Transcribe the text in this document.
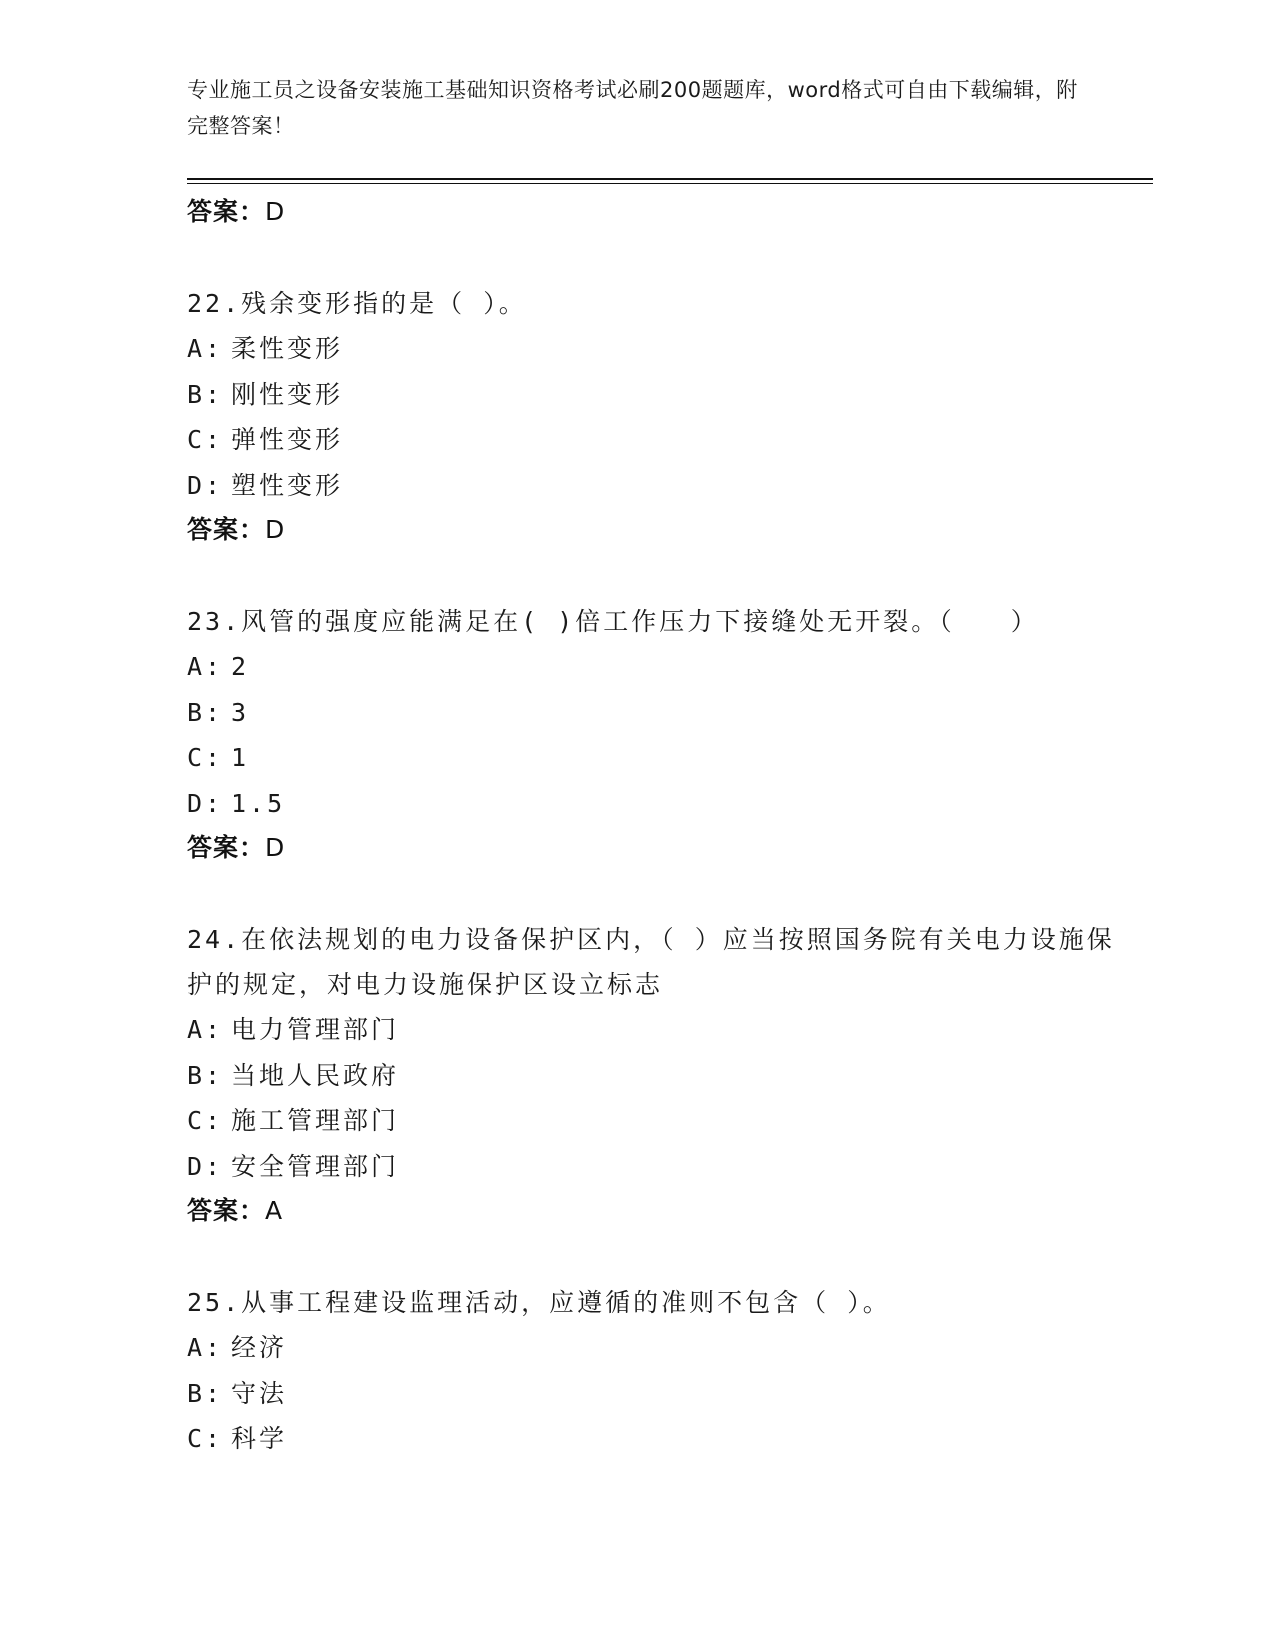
专业施工员之设备安装施工基础知识资格考试必刷200题题库，word格式可自由下载编辑，附完整答案！
答案：D
22.残余变形指的是（ ）。
A: 柔性变形
B: 刚性变形
C: 弹性变形
D: 塑性变形
答案：D
23.风管的强度应能满足在( )倍工作压力下接缝处无开裂。（　　）
A: 2
B: 3
C: 1
D: 1.5
答案：D
24.在依法规划的电力设备保护区内，（ ）应当按照国务院有关电力设施保护的规定，对电力设施保护区设立标志
A: 电力管理部门
B: 当地人民政府
C: 施工管理部门
D: 安全管理部门
答案：A
25.从事工程建设监理活动，应遵循的准则不包含（ ）。
A: 经济
B: 守法
C: 科学
